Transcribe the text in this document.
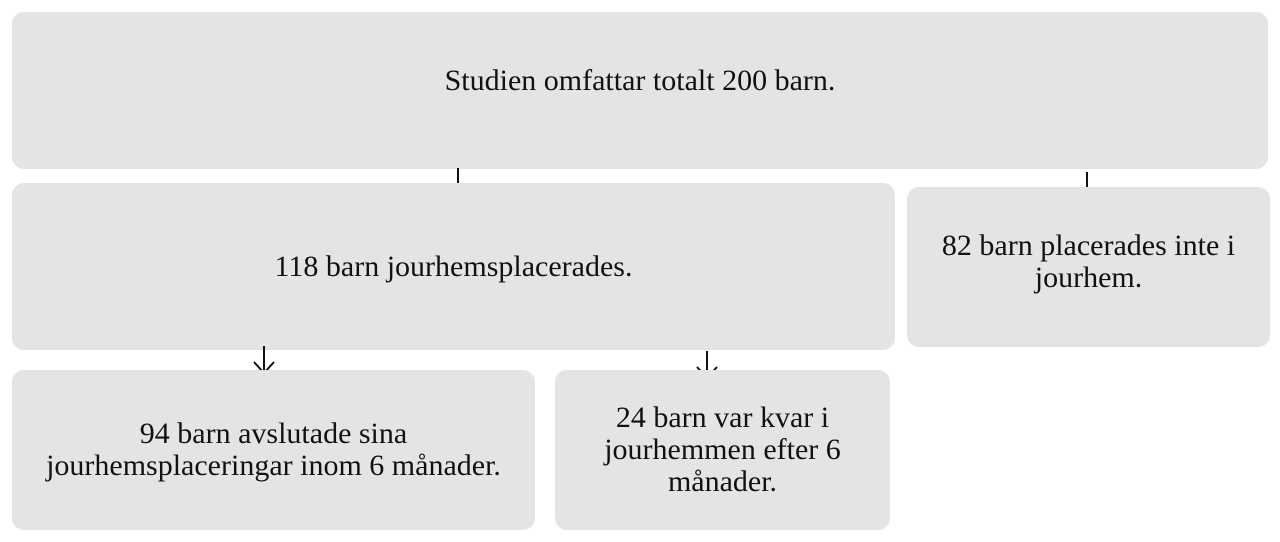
Studien omfattar totalt 200 barn.
118 barn jourhemsplacerades.
82 barn placerades inte i jourhem.
94 barn avslutade sina jourhemsplaceringar inom 6 månader.
24 barn var kvar i jourhemmen efter 6 månader.
